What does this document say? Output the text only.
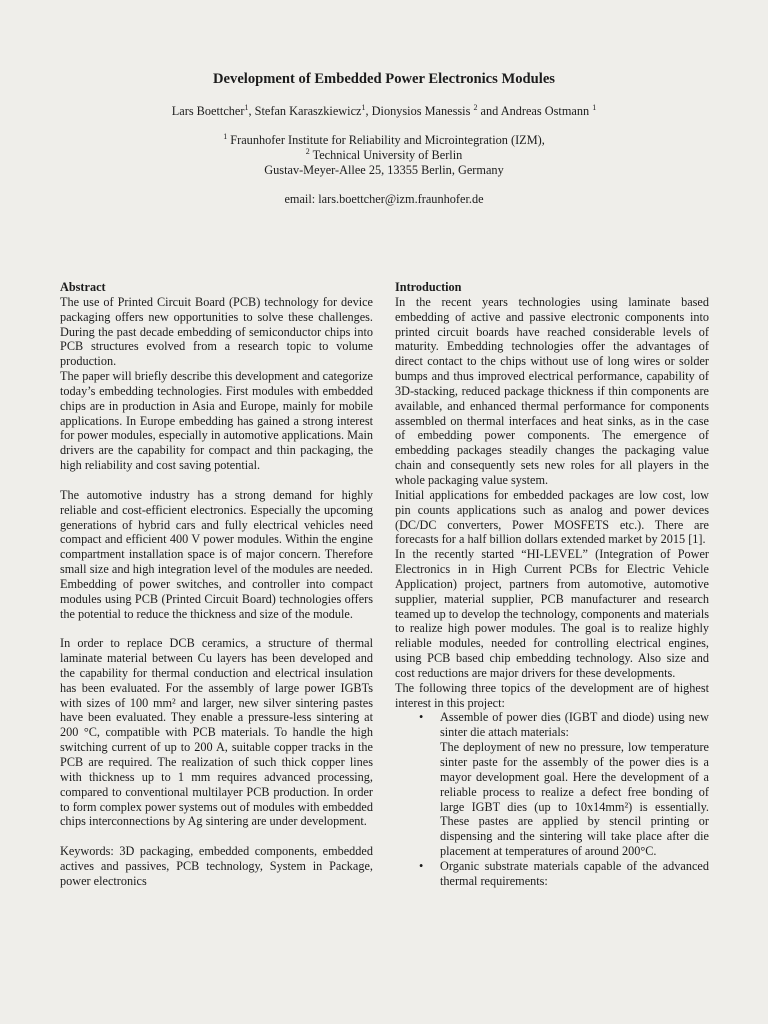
Development of Embedded Power Electronics Modules
Lars Boettcher$^1$, Stefan Karaszkiewicz$^1$, Dionysios Manessis $^2$ and Andreas Ostmann $^1$
$^1$ Fraunhofer Institute for Reliability and Microintegration (IZM),
$^2$ Technical University of Berlin
Gustav-Meyer-Allee 25, 13355 Berlin, Germany
email: lars.boettcher@izm.fraunhofer.de

Abstract

The use of Printed Circuit Board (PCB) technology for device packaging offers new opportunities to solve these challenges. During the past decade embedding of semiconductor chips into PCB structures evolved from a research topic to volume production.

The paper will briefly describe this development and categorize today’s embedding technologies. First modules with embedded chips are in production in Asia and Europe, mainly for mobile applications. In Europe embedding has gained a strong interest for power modules, especially in automotive applications. Main drivers are the capability for compact and thin packaging, the high reliability and cost saving potential.

The automotive industry has a strong demand for highly reliable and cost-efficient electronics. Especially the upcoming generations of hybrid cars and fully electrical vehicles need compact and efficient 400 V power modules. Within the engine compartment installation space is of major concern. Therefore small size and high integration level of the modules are needed. Embedding of power switches, and controller into compact modules using PCB (Printed Circuit Board) technologies offers the potential to reduce the thickness and size of the module.

In order to replace DCB ceramics, a structure of thermal laminate material between Cu layers has been developed and the capability for thermal conduction and electrical insulation has been evaluated. For the assembly of large power IGBTs with sizes of 100 mm² and larger, new silver sintering pastes have been evaluated. They enable a pressure-less sintering at 200 °C, compatible with PCB materials. To handle the high switching current of up to 200 A, suitable copper tracks in the PCB are required. The realization of such thick copper lines with thickness up to 1 mm requires advanced processing, compared to conventional multilayer PCB production. In order to form complex power systems out of modules with embedded chips interconnections by Ag sintering are under development.

Keywords: 3D packaging, embedded components, embedded actives and passives, PCB technology, System in Package, power electronics

Introduction

In the recent years technologies using laminate based embedding of active and passive electronic components into printed circuit boards have reached considerable levels of maturity. Embedding technologies offer the advantages of direct contact to the chips without use of long wires or solder bumps and thus improved electrical performance, capability of 3D-stacking, reduced package thickness if thin components are available, and enhanced thermal performance for components assembled on thermal interfaces and heat sinks, as in the case of embedding power components. The emergence of embedding packages steadily changes the packaging value chain and consequently sets new roles for all players in the whole packaging value system.

Initial applications for embedded packages are low cost, low pin counts applications such as analog and power devices (DC/DC converters, Power MOSFETS etc.). There are forecasts for a half billion dollars extended market by 2015 [1].

In the recently started “HI-LEVEL” (Integration of Power Electronics in in High Current PCBs for Electric Vehicle Application) project, partners from automotive, automotive supplier, material supplier, PCB manufacturer and research teamed up to develop the technology, components and materials to realize high power modules. The goal is to realize highly reliable modules, needed for controlling electrical engines, using PCB based chip embedding technology. Also size and cost reductions are major drivers for these developments.

The following three topics of the development are of highest interest in this project:

• Assemble of power dies (IGBT and diode) using new sinter die attach materials:

The deployment of new no pressure, low temperature sinter paste for the assembly of the power dies is a mayor development goal. Here the development of a reliable process to realize a defect free bonding of large IGBT dies (up to 10x14mm²) is essentially. These pastes are applied by stencil printing or dispensing and the sintering will take place after die placement at temperatures of around 200°C.

• Organic substrate materials capable of the advanced thermal requirements:
